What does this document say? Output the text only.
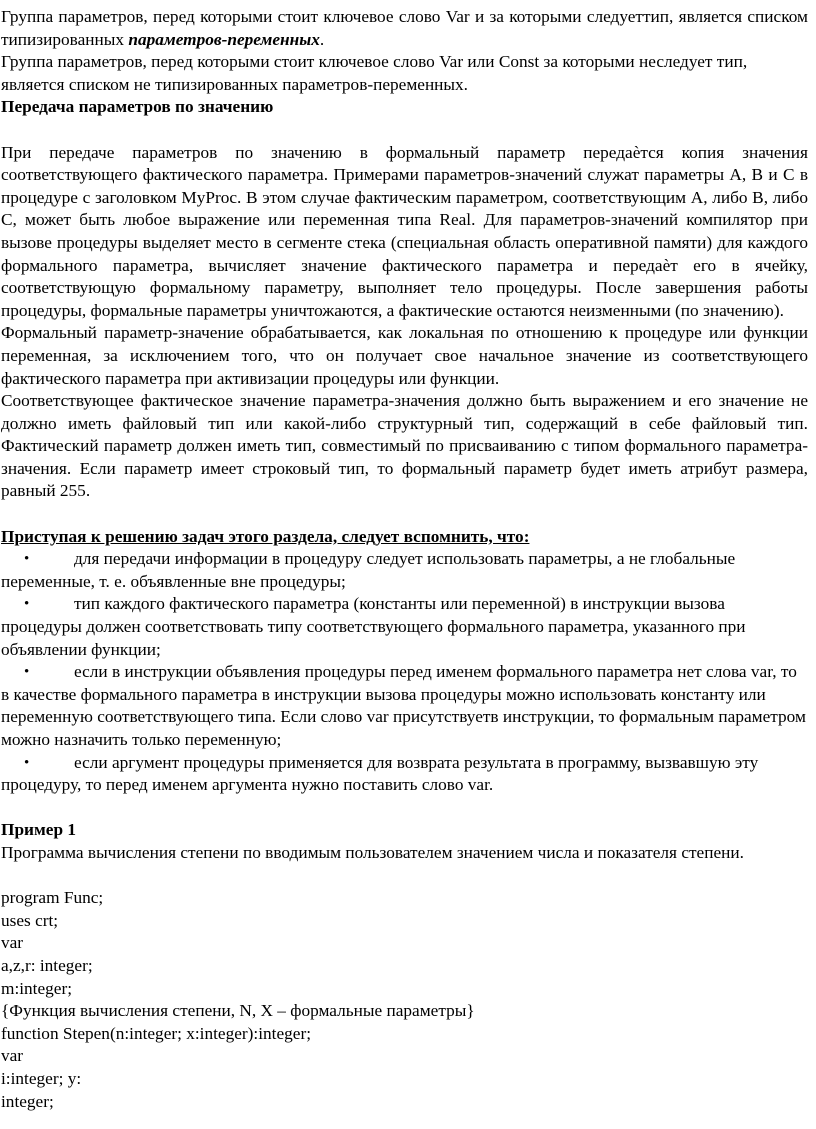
Группа параметров, перед которыми стоит ключевое слово Var и за которыми следуеттип, является списком типизированных параметров-переменных.

Группа параметров, перед которыми стоит ключевое слово Var или Const за которыми неследует тип, является списком не типизированных параметров-переменных.

Передача параметров по значению

При передаче параметров по значению в формальный параметр передаѐтся копия значения соответствующего фактического параметра. Примерами параметров-значений служат параметры A, B и C в процедуре с заголовком MyProc. В этом случае фактическим параметром, соответствующим А, либо В, либо С, может быть любое выражение или переменная типа Real. Для параметров-значений компилятор при вызове процедуры выделяет место в сегменте стека (специальная область оперативной памяти) для каждого формального параметра, вычисляет значение фактического параметра и передаѐт его в ячейку, соответствующую формальному параметру, выполняет тело процедуры. После завершения работы процедуры, формальные параметры уничтожаются, а фактические остаются неизменными (по значению).

Формальный параметр-значение обрабатывается, как локальная по отношению к процедуре или функции переменная, за исключением того, что он получает свое начальное значение из соответствующего фактического параметра при активизации процедуры или функции.

Соответствующее фактическое значение параметра-значения должно быть выражением и его значение не должно иметь файловый тип или какой-либо структурный тип, содержащий в себе файловый тип. Фактический параметр должен иметь тип, совместимый по присваиванию с типом формального параметра-значения. Если параметр имеет строковый тип, то формальный параметр будет иметь атрибут размера, равный 255.

Приступая к решению задач этого раздела, следует вспомнить, что:

•	для передачи информации в процедуру следует использовать параметры, а не глобальные переменные, т. е. объявленные вне процедуры;
•	тип каждого фактического параметра (константы или переменной) в инструкции вызова процедуры должен соответствовать типу соответствующего формального параметра, указанного при объявлении функции;
•	если в инструкции объявления процедуры перед именем формального параметра нет слова var, то в качестве формального параметра в инструкции вызова процедуры можно использовать константу или переменную соответствующего типа. Если слово var присутствуетв инструкции, то формальным параметром можно назначить только переменную;
•	если аргумент процедуры применяется для возврата результата в программу, вызвавшую эту процедуру, то перед именем аргумента нужно поставить слово var.

Пример 1

Программа вычисления степени по вводимым пользователем значением числа и показателя степени.

program Func;

uses crt;

var

a,z,r: integer;

m:integer;

{Функция вычисления степени, N, X – формальные параметры}

function Stepen(n:integer; x:integer):integer;

var

i:integer; y:

integer;
